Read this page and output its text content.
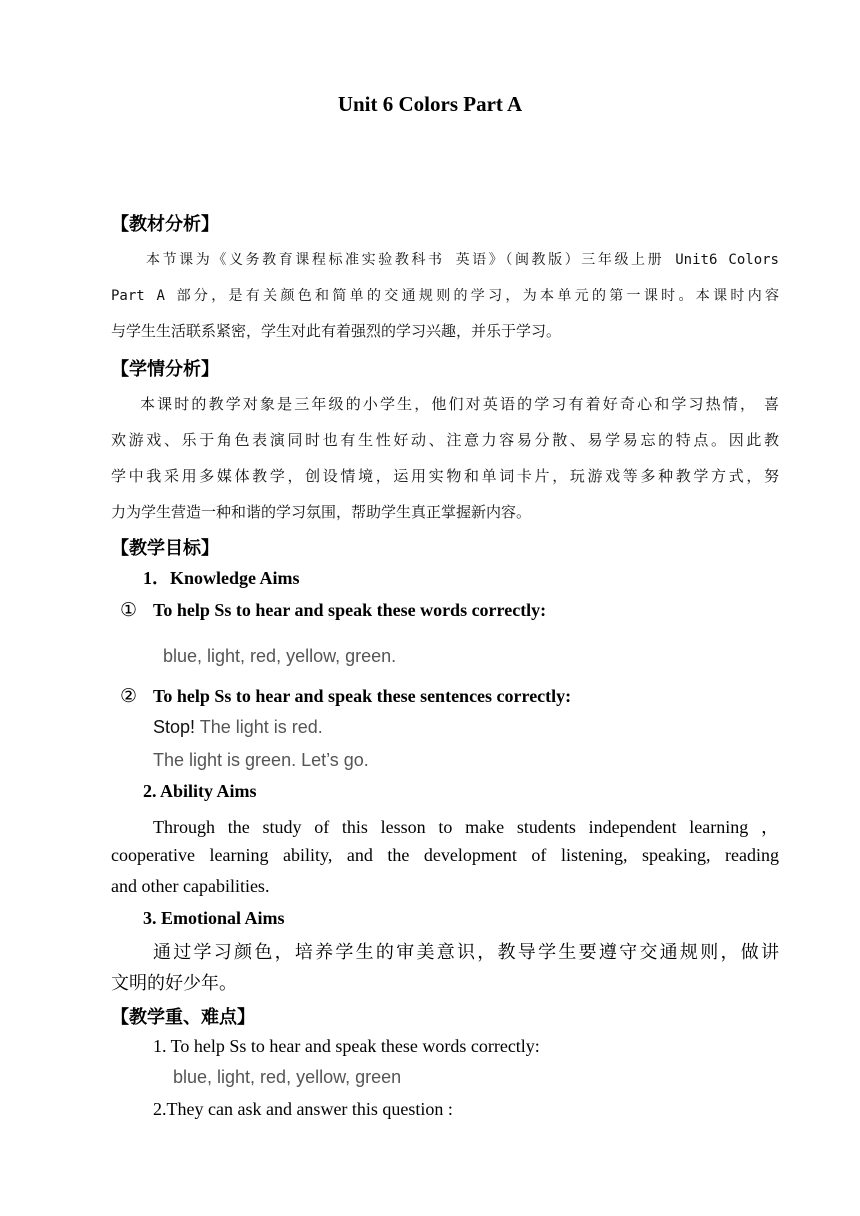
Unit 6 Colors Part A
【教材分析】
本节课为《义务教育课程标准实验教科书 英语》（闽教版）三年级上册 Unit6 Colors
Part A 部分，是有关颜色和简单的交通规则的学习，为本单元的第一课时。本课时内容
与学生生活联系紧密，学生对此有着强烈的学习兴趣，并乐于学习。
【学情分析】
本课时的教学对象是三年级的小学生，他们对英语的学习有着好奇心和学习热情， 喜
欢游戏、乐于角色表演同时也有生性好动、注意力容易分散、易学易忘的特点。因此教
学中我采用多媒体教学，创设情境，运用实物和单词卡片，玩游戏等多种教学方式，努
力为学生营造一种和谐的学习氛围，帮助学生真正掌握新内容。
【教学目标】
1．Knowledge Aims
① To help Ss to hear and speak these words correctly:
blue, light, red, yellow, green.
② To help Ss to hear and speak these sentences correctly:
Stop! The light is red.
The light is green. Let’s go.
2. Ability Aims
Through the study of this lesson to make students independent learning ，
cooperative learning ability, and the development of listening, speaking, reading
and other capabilities.
3. Emotional Aims
通过学习颜色，培养学生的审美意识，教导学生要遵守交通规则，做讲
文明的好少年。
【教学重、难点】
1. To help Ss to hear and speak these words correctly:
blue, light, red, yellow, green
2.They can ask and answer this question :
